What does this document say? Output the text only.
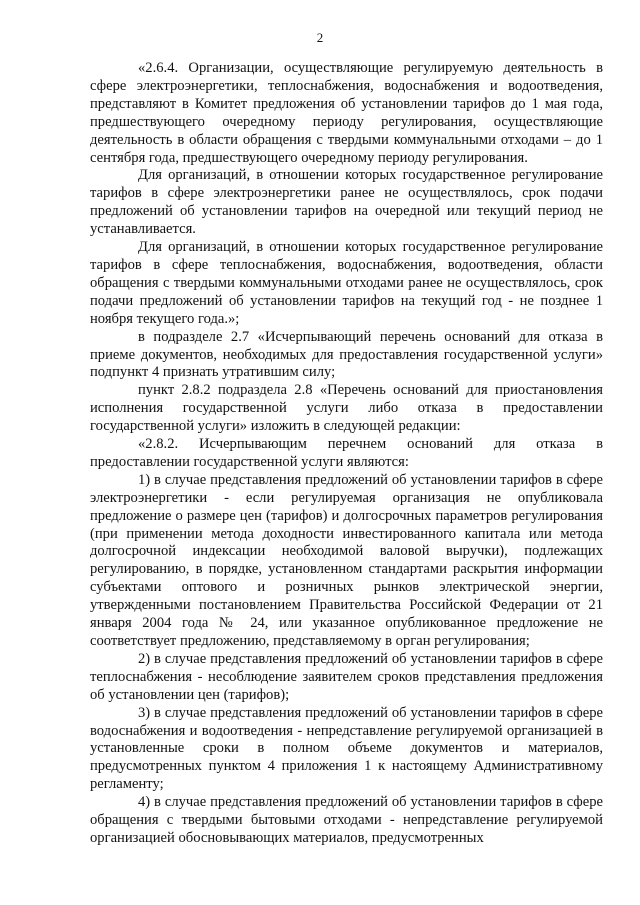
2

«2.6.4. Организации, осуществляющие регулируемую деятельность в сфере электроэнергетики, теплоснабжения, водоснабжения и водоотведения, представляют в Комитет предложения об установлении тарифов до 1 мая года, предшествующего очередному периоду регулирования, осуществляющие деятельность в области обращения с твердыми коммунальными отходами – до 1 сентября года, предшествующего очередному периоду регулирования.

Для организаций, в отношении которых государственное регулирование тарифов в сфере электроэнергетики ранее не осуществлялось, срок подачи предложений об установлении тарифов на очередной или текущий период не устанавливается.

Для организаций, в отношении которых государственное регулирование тарифов в сфере теплоснабжения, водоснабжения, водоотведения, области обращения с твердыми коммунальными отходами ранее не осуществлялось, срок подачи предложений об установлении тарифов на текущий год - не позднее 1 ноября текущего года.»;

в подразделе 2.7 «Исчерпывающий перечень оснований для отказа в приеме документов, необходимых для предоставления государственной услуги» подпункт 4 признать утратившим силу;

пункт 2.8.2 подраздела 2.8 «Перечень оснований для приостановления исполнения государственной услуги либо отказа в предоставлении государственной услуги» изложить в следующей редакции:

«2.8.2. Исчерпывающим перечнем оснований для отказа в предоставлении государственной услуги являются:

1) в случае представления предложений об установлении тарифов в сфере электроэнергетики - если регулируемая организация не опубликовала предложение о размере цен (тарифов) и долгосрочных параметров регулирования (при применении метода доходности инвестированного капитала или метода долгосрочной индексации необходимой валовой выручки), подлежащих регулированию, в порядке, установленном стандартами раскрытия информации субъектами оптового и розничных рынков электрической энергии, утвержденными постановлением Правительства Российской Федерации от 21 января 2004 года № 24, или указанное опубликованное предложение не соответствует предложению, представляемому в орган регулирования;

2) в случае представления предложений об установлении тарифов в сфере теплоснабжения - несоблюдение заявителем сроков представления предложения об установлении цен (тарифов);

3) в случае представления предложений об установлении тарифов в сфере водоснабжения и водоотведения - непредставление регулируемой организацией в установленные сроки в полном объеме документов и материалов, предусмотренных пунктом 4 приложения 1 к настоящему Административному регламенту;

4) в случае представления предложений об установлении тарифов в сфере обращения с твердыми бытовыми отходами - непредставление регулируемой организацией обосновывающих материалов, предусмотренных
